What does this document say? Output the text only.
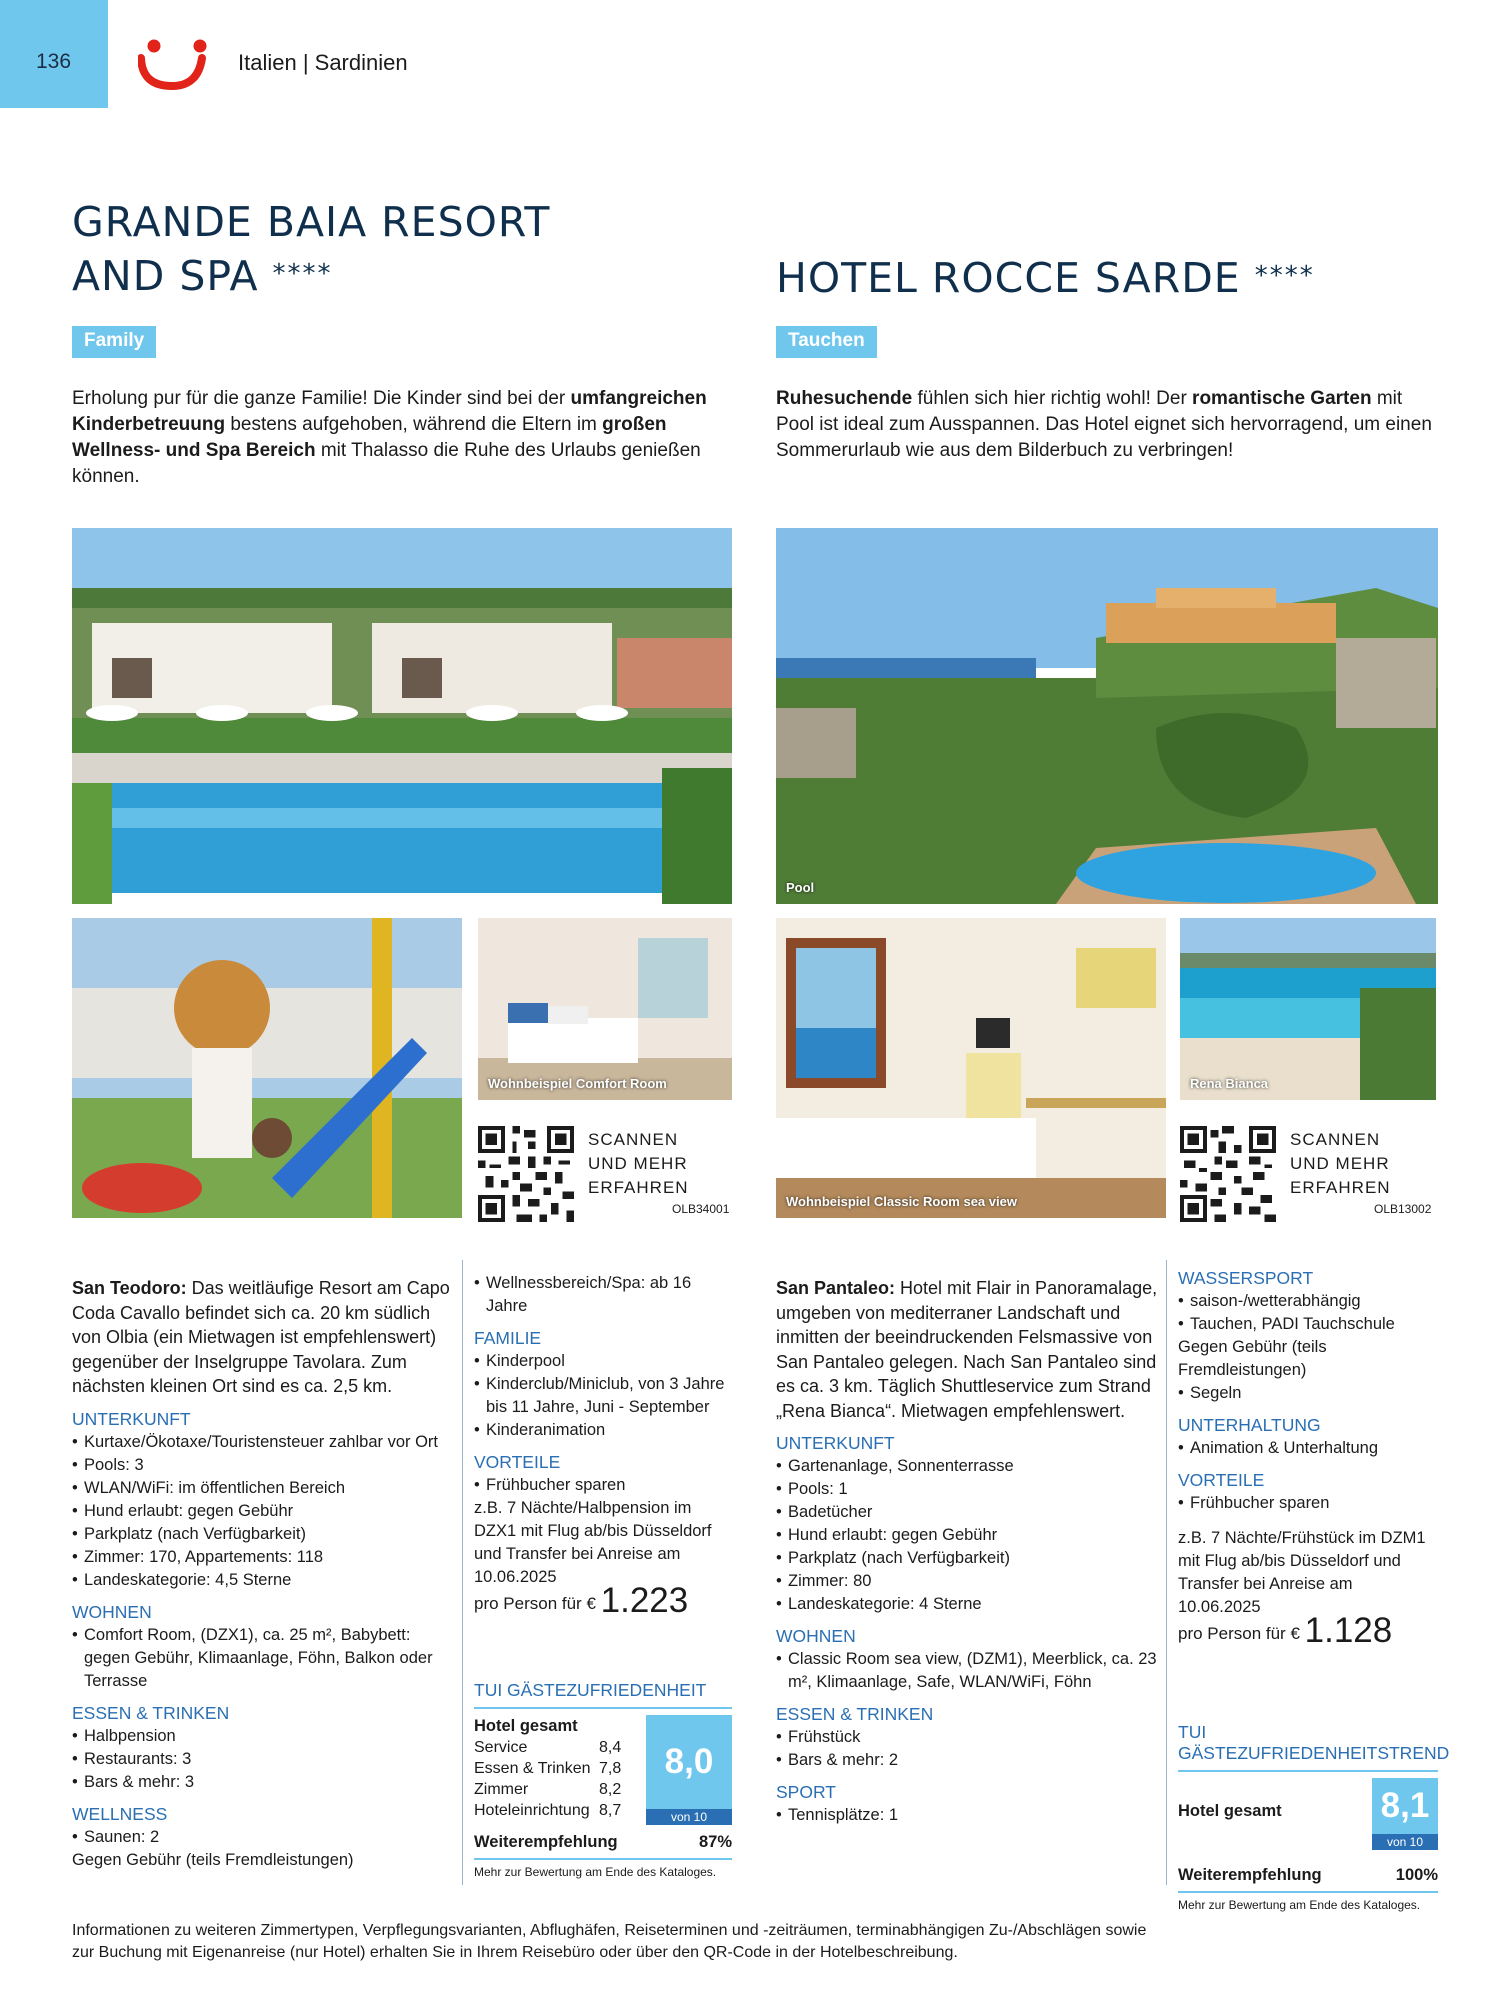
136	Italien | Sardinien
GRANDE BAIA RESORT
AND SPA ****
Family
Erholung pur für die ganze Familie! Die Kinder sind bei der umfangreichen Kinderbetreuung bestens aufgehoben, während die Eltern im großen Wellness- und Spa Bereich mit Thalasso die Ruhe des Urlaubs genießen können.
Wohnbeispiel Comfort Room
SCANNEN
UND MEHR
ERFAHREN
OLB34001

San Teodoro: Das weitläufige Resort am Capo Coda Cavallo befindet sich ca. 20 km südlich von Olbia (ein Mietwagen ist empfehlenswert) gegenüber der Inselgruppe Tavolara. Zum nächsten kleinen Ort sind es ca. 2,5 km.

UNTERKUNFT
• Kurtaxe/Ökotaxe/Touristensteuer zahlbar vor Ort
• Pools: 3
• WLAN/WiFi: im öffentlichen Bereich
• Hund erlaubt: gegen Gebühr
• Parkplatz (nach Verfügbarkeit)
• Zimmer: 170, Appartements: 118
• Landeskategorie: 4,5 Sterne
WOHNEN
• Comfort Room, (DZX1), ca. 25 m², Babybett: gegen Gebühr, Klimaanlage, Föhn, Balkon oder Terrasse
ESSEN & TRINKEN
• Halbpension
• Restaurants: 3
• Bars & mehr: 3
WELLNESS
• Saunen: 2

Gegen Gebühr (teils Fremdleistungen)

• Wellnessbereich/Spa: ab 16 Jahre
FAMILIE
• Kinderpool
• Kinderclub/Miniclub, von 3 Jahre bis 11 Jahre, Juni - September
• Kinderanimation
VORTEILE
• Frühbucher sparen

z.B. 7 Nächte/Halbpension im DZX1 mit Flug ab/bis Düsseldorf und Transfer bei Anreise am 10.06.2025

pro Person für € 1.223

TUI GÄSTEZUFRIEDENHEIT
Hotel gesamt
Service	8,4
Essen & Trinken 7,8
Zimmer	8,2
Hoteleinrichtung 8,7
8,0
von 10
Weiterempfehlung	87%
Mehr zur Bewertung am Ende des Kataloges.
HOTEL ROCCE SARDE ****
Tauchen
Ruhesuchende fühlen sich hier richtig wohl! Der romantische Garten mit Pool ist ideal zum Ausspannen. Das Hotel eignet sich hervorragend, um einen Sommerurlaub wie aus dem Bilderbuch zu verbringen!
Pool
Wohnbeispiel Classic Room sea view
Rena Bianca
SCANNEN
UND MEHR
ERFAHREN
OLB13002

San Pantaleo: Hotel mit Flair in Panoramalage, umgeben von mediterraner Landschaft und inmitten der beeindruckenden Felsmassive von San Pantaleo gelegen. Nach San Pantaleo sind es ca. 3 km. Täglich Shuttleservice zum Strand „Rena Bianca“. Mietwagen empfehlenswert.

UNTERKUNFT
• Gartenanlage, Sonnenterrasse
• Pools: 1
• Badetücher
• Hund erlaubt: gegen Gebühr
• Parkplatz (nach Verfügbarkeit)
• Zimmer: 80
• Landeskategorie: 4 Sterne
WOHNEN
• Classic Room sea view, (DZM1), Meerblick, ca. 23 m², Klimaanlage, Safe, WLAN/WiFi, Föhn
ESSEN & TRINKEN
• Frühstück
• Bars & mehr: 2
SPORT
• Tennisplätze: 1
WASSERSPORT
• saison-/wetterabhängig
• Tauchen, PADI Tauchschule

Gegen Gebühr (teils Fremdleistungen)

• Segeln
UNTERHALTUNG
• Animation & Unterhaltung
VORTEILE
• Frühbucher sparen

z.B. 7 Nächte/Frühstück im DZM1 mit Flug ab/bis Düsseldorf und Transfer bei Anreise am 10.06.2025

pro Person für € 1.128

TUI GÄSTEZUFRIEDENHEITSTREND
Hotel gesamt	8,1
von 10
Weiterempfehlung	100%
Mehr zur Bewertung am Ende des Kataloges.
Informationen zu weiteren Zimmertypen, Verpflegungsvarianten, Abflughäfen, Reiseterminen und -zeiträumen, terminabhängigen Zu-/Abschlägen sowie zur Buchung mit Eigenanreise (nur Hotel) erhalten Sie in Ihrem Reisebüro oder über den QR-Code in der Hotelbeschreibung.
